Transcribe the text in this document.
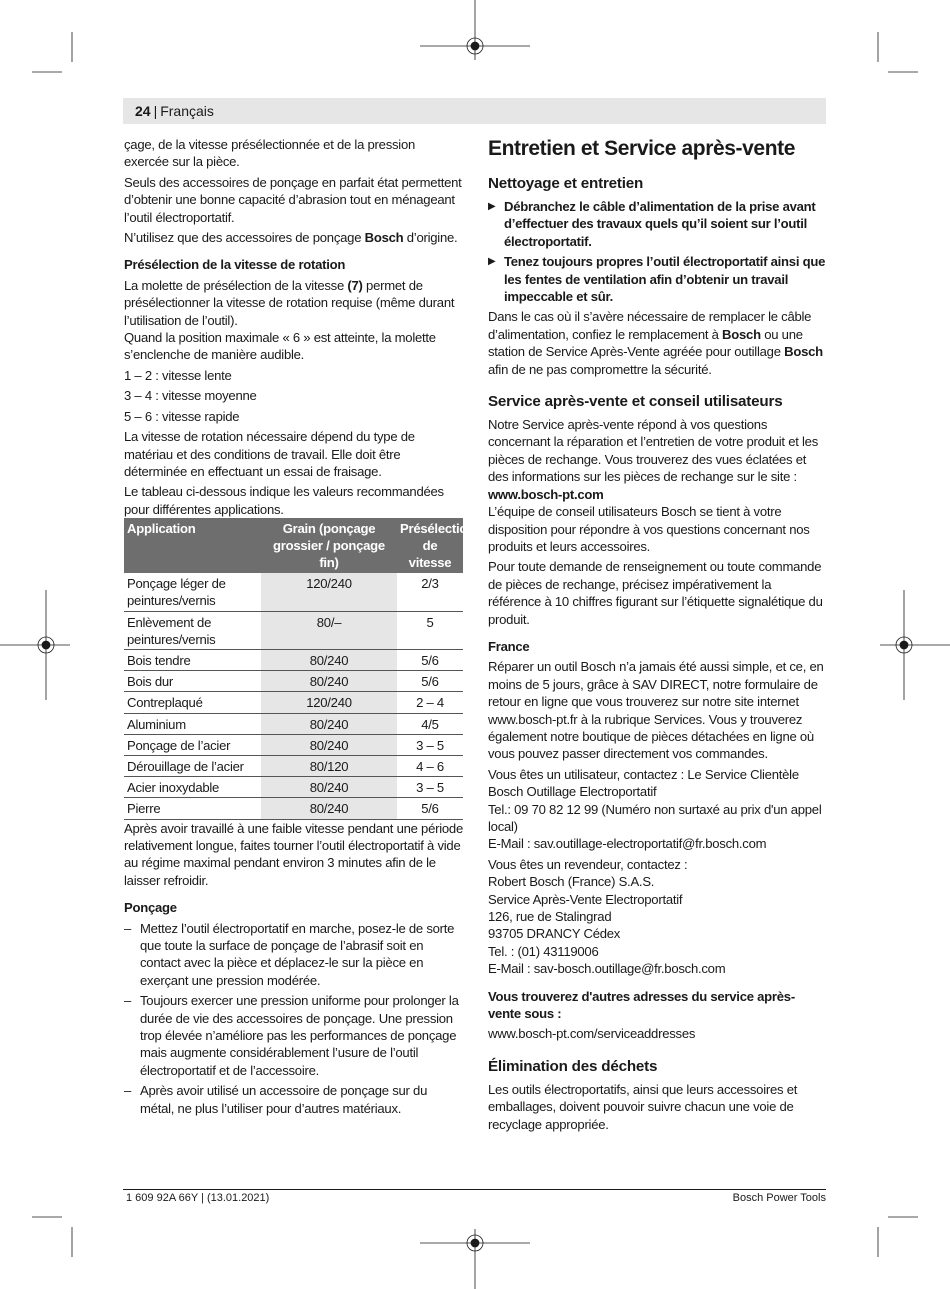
24 | Français

çage, de la vitesse présélectionnée et de la pression exercée sur la pièce.

Seuls des accessoires de ponçage en parfait état permettent d’obtenir une bonne capacité d’abrasion tout en ménageant l’outil électroportatif.

N’utilisez que des accessoires de ponçage Bosch d’origine.

Présélection de la vitesse de rotation

La molette de présélection de la vitesse (7) permet de présélectionner la vitesse de rotation requise (même durant l’utilisation de l’outil).

Quand la position maximale « 6 » est atteinte, la molette s’enclenche de manière audible.

1 – 2 : vitesse lente

3 – 4 : vitesse moyenne

5 – 6 : vitesse rapide

La vitesse de rotation nécessaire dépend du type de matériau et des conditions de travail. Elle doit être déterminée en effectuant un essai de fraisage.

Le tableau ci-dessous indique les valeurs recommandées pour différentes applications.

Application	Grain (ponçage grossier / ponçage fin)	Présélection de vitesse
Ponçage léger de peintures/vernis	120/240	2/3
Enlèvement de peintures/vernis	80/–	5
Bois tendre	80/240	5/6
Bois dur	80/240	5/6
Contreplaqué	120/240	2 – 4
Aluminium	80/240	4/5
Ponçage de l’acier	80/240	3 – 5
Dérouillage de l’acier	80/120	4 – 6
Acier inoxydable	80/240	3 – 5
Pierre	80/240	5/6

Après avoir travaillé à une faible vitesse pendant une période relativement longue, faites tourner l’outil électroportatif à vide au régime maximal pendant environ 3 minutes afin de le laisser refroidir.

Ponçage
– Mettez l’outil électroportatif en marche, posez-le de sorte que toute la surface de ponçage de l’abrasif soit en contact avec la pièce et déplacez-le sur la pièce en exerçant une pression modérée.
– Toujours exercer une pression uniforme pour prolonger la durée de vie des accessoires de ponçage. Une pression trop élevée n’améliore pas les performances de ponçage mais augmente considérablement l’usure de l’outil électroportatif et de l’accessoire.
– Après avoir utilisé un accessoire de ponçage sur du métal, ne plus l’utiliser pour d’autres matériaux.
Entretien et Service après-vente
Nettoyage et entretien
▶ Débranchez le câble d’alimentation de la prise avant d’effectuer des travaux quels qu’il soient sur l’outil électroportatif.
▶ Tenez toujours propres l’outil électroportatif ainsi que les fentes de ventilation afin d’obtenir un travail impeccable et sûr.

Dans le cas où il s’avère nécessaire de remplacer le câble d’alimentation, confiez le remplacement à Bosch ou une station de Service Après-Vente agréée pour outillage Bosch afin de ne pas compromettre la sécurité.

Service après-vente et conseil utilisateurs

Notre Service après-vente répond à vos questions concernant la réparation et l’entretien de votre produit et les pièces de rechange. Vous trouverez des vues éclatées et des informations sur les pièces de rechange sur le site :

www.bosch-pt.com

L’équipe de conseil utilisateurs Bosch se tient à votre disposition pour répondre à vos questions concernant nos produits et leurs accessoires.

Pour toute demande de renseignement ou toute commande de pièces de rechange, précisez impérativement la référence à 10 chiffres figurant sur l’étiquette signalétique du produit.

France

Réparer un outil Bosch n’a jamais été aussi simple, et ce, en moins de 5 jours, grâce à SAV DIRECT, notre formulaire de retour en ligne que vous trouverez sur notre site internet www.bosch-pt.fr à la rubrique Services. Vous y trouverez également notre boutique de pièces détachées en ligne où vous pouvez passer directement vos commandes.

Vous êtes un utilisateur, contactez : Le Service Clientèle Bosch Outillage Electroportatif
Tel.: 09 70 82 12 99 (Numéro non surtaxé au prix d'un appel local)
E-Mail : sav.outillage-electroportatif@fr.bosch.com
Vous êtes un revendeur, contactez :
Robert Bosch (France) S.A.S.
Service Après-Vente Electroportatif
126, rue de Stalingrad
93705 DRANCY Cédex
Tel. : (01) 43119006
E-Mail : sav-bosch.outillage@fr.bosch.com
Vous trouverez d'autres adresses du service après-vente sous :

www.bosch-pt.com/serviceaddresses

Élimination des déchets

Les outils électroportatifs, ainsi que leurs accessoires et emballages, doivent pouvoir suivre chacun une voie de recyclage appropriée.

1 609 92A 66Y | (13.01.2021)	Bosch Power Tools
